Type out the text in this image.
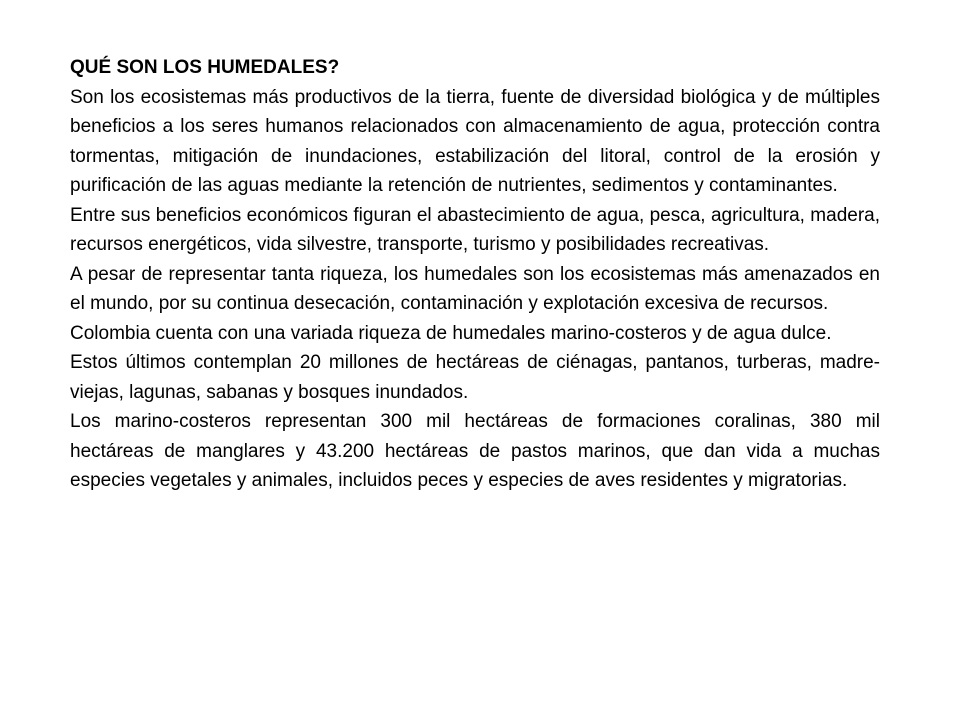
QUÉ SON LOS HUMEDALES?

Son los ecosistemas más productivos de la tierra, fuente de diversidad biológica y de múltiples beneficios a los seres humanos relacionados con almacenamiento de agua, protección contra tormentas, mitigación de inundaciones, estabilización del litoral, control de la erosión y purificación de las aguas mediante la retención de nutrientes, sedimentos y contaminantes.

Entre sus beneficios económicos figuran el abastecimiento de agua, pesca, agricultura, madera, recursos energéticos, vida silvestre, transporte, turismo y posibilidades recreativas.

A pesar de representar tanta riqueza, los humedales son los ecosistemas más amenazados en el mundo, por su continua desecación, contaminación y explotación excesiva de recursos.

Colombia cuenta con una variada riqueza de humedales marino-costeros y de agua dulce.

Estos últimos contemplan 20 millones de hectáreas de ciénagas, pantanos, turberas, madre-viejas, lagunas, sabanas y bosques inundados.

Los marino-costeros representan 300 mil hectáreas de formaciones coralinas, 380 mil hectáreas de manglares y 43.200 hectáreas de pastos marinos, que dan vida a muchas especies vegetales y animales, incluidos peces y especies de aves residentes y migratorias.
